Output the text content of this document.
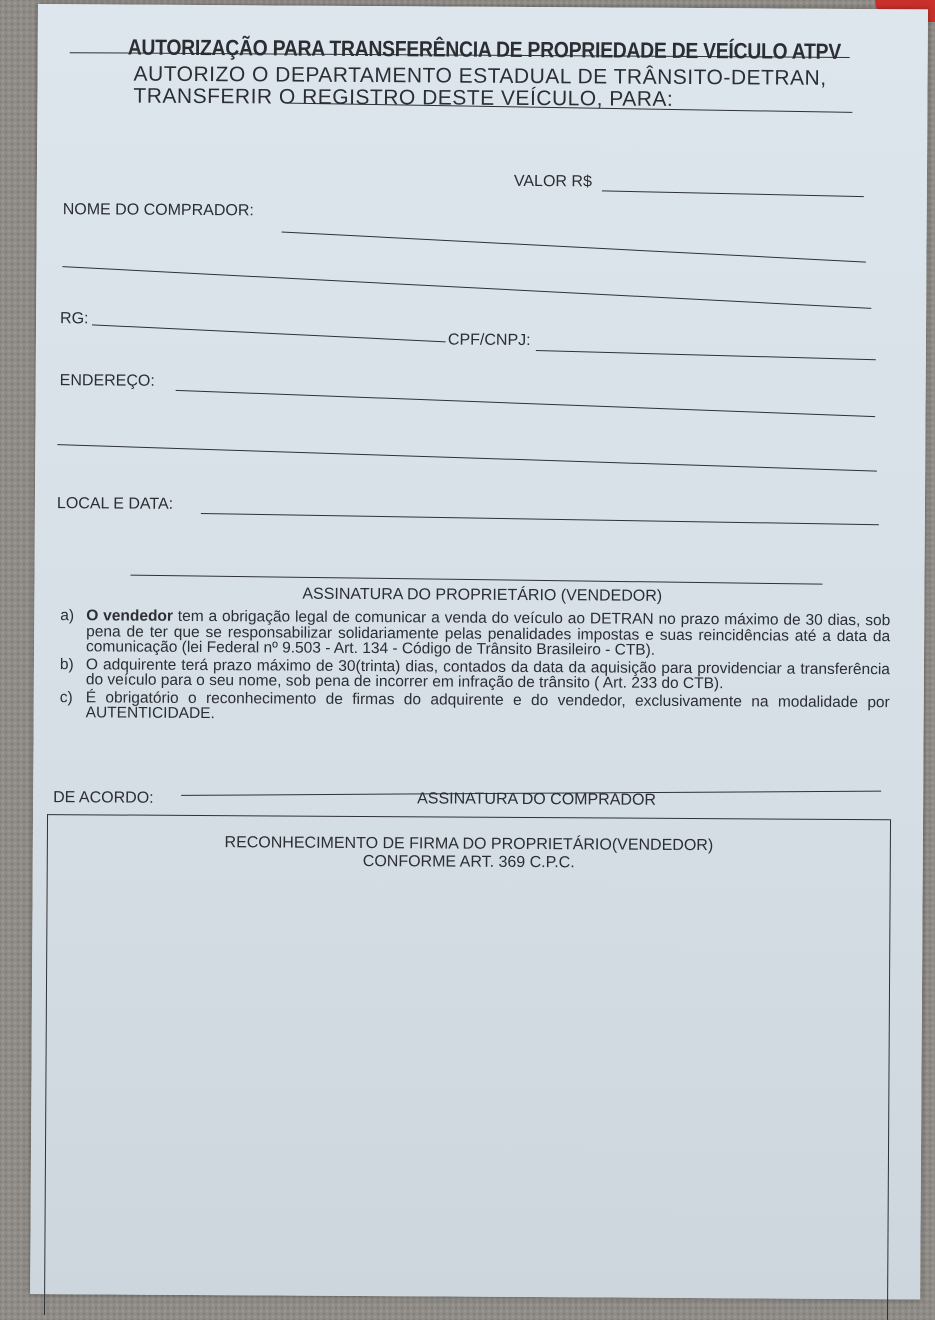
AUTORIZAÇÃO PARA TRANSFERÊNCIA DE PROPRIEDADE DE VEÍCULO ATPV
AUTORIZO O DEPARTAMENTO ESTADUAL DE TRÂNSITO-DETRAN,
TRANSFERIR O REGISTRO DESTE VEÍCULO, PARA:
VALOR R$
NOME DO COMPRADOR:
RG:
CPF/CNPJ:
ENDEREÇO:
LOCAL E DATA:
ASSINATURA DO PROPRIETÁRIO (VENDEDOR)
a) O vendedor tem a obrigação legal de comunicar a venda do veículo ao DETRAN no prazo máximo de 30 dias, sob pena de ter que se responsabilizar solidariamente pelas penalidades impostas e suas reincidências até a data da comunicação (lei Federal nº 9.503 - Art. 134 - Código de Trânsito Brasileiro - CTB).
b) O adquirente terá prazo máximo de 30(trinta) dias, contados da data da aquisição para providenciar a transferência do veículo para o seu nome, sob pena de incorrer em infração de trânsito ( Art. 233 do CTB).
c) É obrigatório o reconhecimento de firmas do adquirente e do vendedor, exclusivamente na modalidade por AUTENTICIDADE.
DE ACORDO:	ASSINATURA DO COMPRADOR
RECONHECIMENTO DE FIRMA DO PROPRIETÁRIO(VENDEDOR)
CONFORME ART. 369 C.P.C.
